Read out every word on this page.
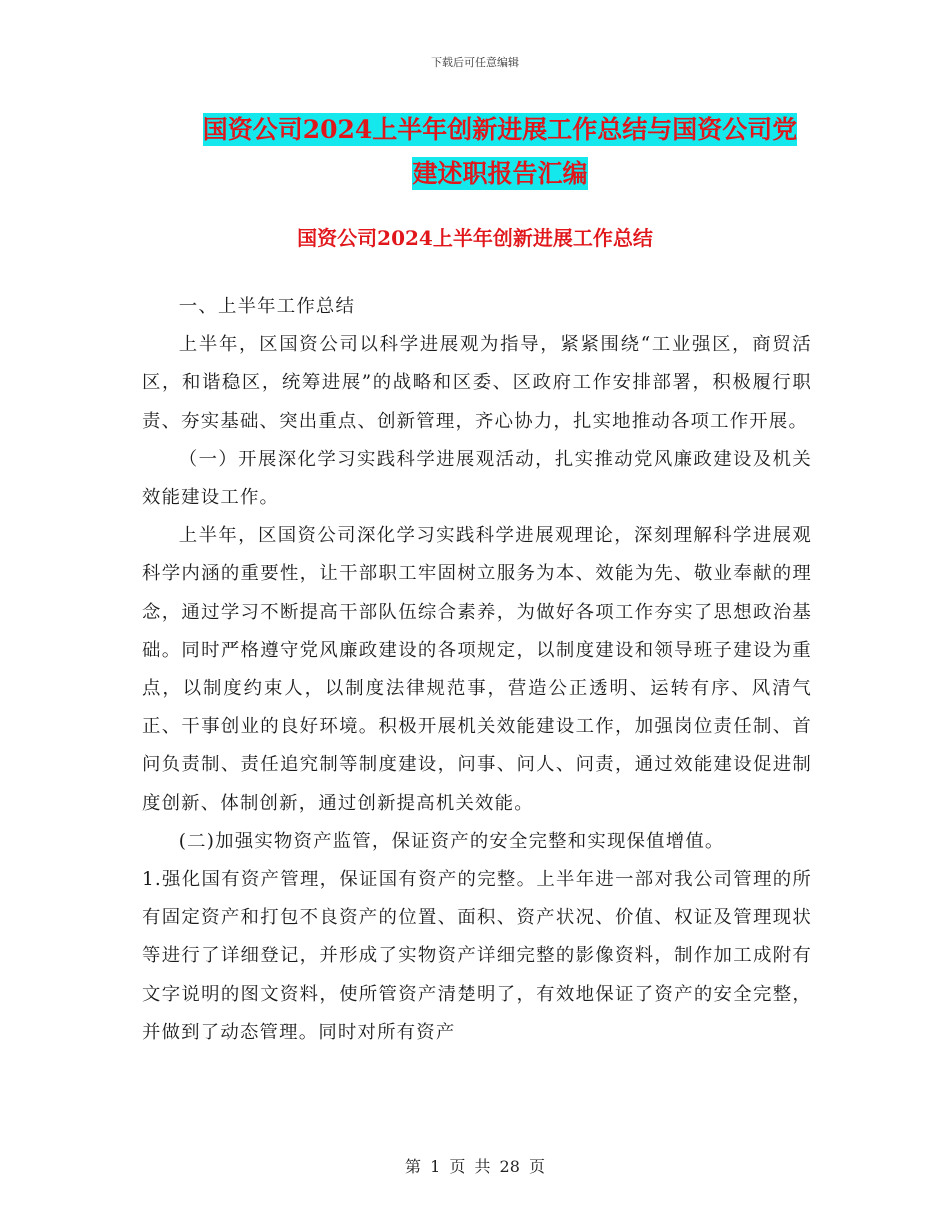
下载后可任意编辑
国资公司2024上半年创新进展工作总结与国资公司党
建述职报告汇编
国资公司2024上半年创新进展工作总结

一、上半年工作总结

上半年，区国资公司以科学进展观为指导，紧紧围绕“工业强区，商贸活区，和谐稳区，统筹进展”的战略和区委、区政府工作安排部署，积极履行职责、夯实基础、突出重点、创新管理，齐心协力，扎实地推动各项工作开展。

（一）开展深化学习实践科学进展观活动，扎实推动党风廉政建设及机关效能建设工作。

上半年，区国资公司深化学习实践科学进展观理论，深刻理解科学进展观科学内涵的重要性，让干部职工牢固树立服务为本、效能为先、敬业奉献的理念，通过学习不断提高干部队伍综合素养，为做好各项工作夯实了思想政治基础。同时严格遵守党风廉政建设的各项规定，以制度建设和领导班子建设为重点，以制度约束人，以制度法律规范事，营造公正透明、运转有序、风清气正、干事创业的良好环境。积极开展机关效能建设工作，加强岗位责任制、首问负责制、责任追究制等制度建设，问事、问人、问责，通过效能建设促进制度创新、体制创新，通过创新提高机关效能。

(二)加强实物资产监管，保证资产的安全完整和实现保值增值。

1.强化国有资产管理，保证国有资产的完整。上半年进一部对我公司管理的所有固定资产和打包不良资产的位置、面积、资产状况、价值、权证及管理现状等进行了详细登记，并形成了实物资产详细完整的影像资料，制作加工成附有文字说明的图文资料，使所管资产清楚明了，有效地保证了资产的安全完整，并做到了动态管理。同时对所有资产

第 1 页 共 28 页
